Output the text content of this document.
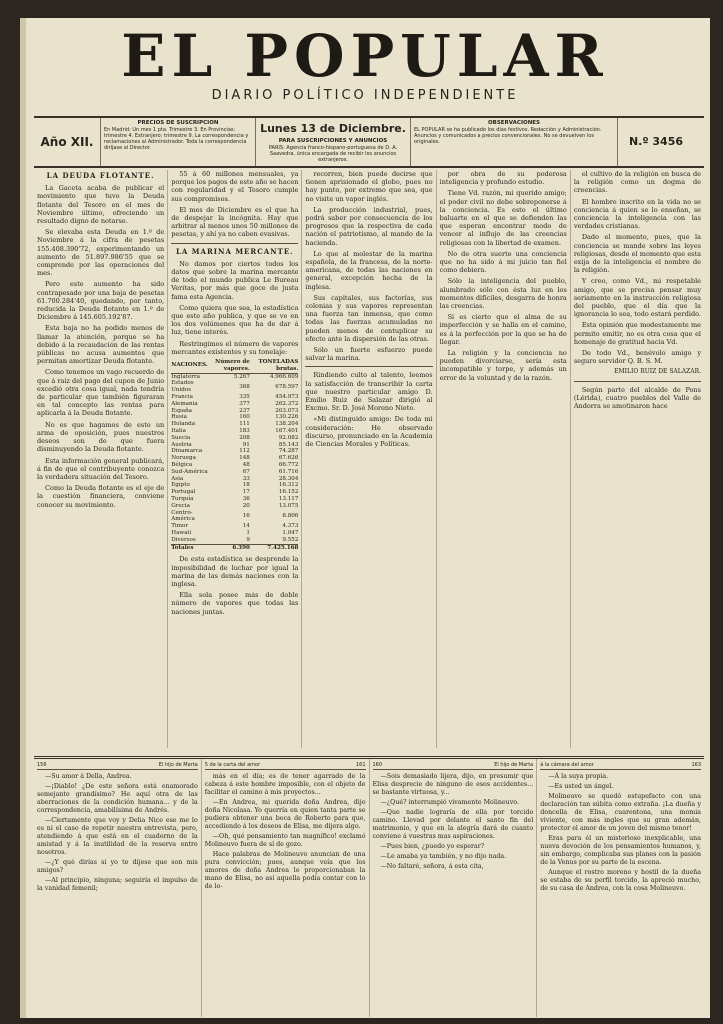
EL POPULAR
DIARIO POLÍTICO INDEPENDIENTE
Año XII.
PRECIOS DE SUSCRIPCION
En Madrid: Un mes 1 pta. Trimestre 3. En Provincias: trimestre 4. Extranjero: trimestre 9. La correspondencia y reclamaciones al Administrador. Toda la correspondencia diríjase al Director.
Lunes 13 de Diciembre.
PARA SUSCRIPCIONES Y ANUNCIOS
PARIS: Agencia franco-hispano-portuguesa de D. A. Saavedra, única encargada de recibir los anuncios extranjeros.
OBSERVACIONES
EL POPULAR se ha publicado los días festivos. Redacción y Administración. Anuncios y comunicados a precios convencionales. No se devuelven los originales.	N.º 3456
LA DEUDA FLOTANTE.

La Gaceta acaba de publicar el movimiento que tuvo la Deuda flotante del Tesoro en el mes de Noviembre último, ofreciendo un resultado digno de notarse.

Se elevaba esta Deuda en 1.º de Noviembre á la cifra de pesetas 155.408.390'72, experimentando un aumento de 51.897.986'55 que se comprende por las operaciones del mes.

Pero este aumento ha sido contrapesado por una baja de pesetas 61.700.284'40, quedando, por tanto, reducida la Deuda flotante en 1.º de Diciembre á 145.605.192'87.

Esta baja no ha podido menos de llamar la atención, porque se ha debido á la recaudación de las rentas públicas no acusa aumentos que permitan amortizar Deuda flotante.

Como tenemos un vago recuerdo de que á raíz del pago del cupon de Junio excedió otra cosa igual, nada tendría de particular que también figuraran en tal concepto las rentas para aplicarla á la Deuda flotante.

No es que hagamos de esto un arma de oposición, pues nuestros deseos son de que fuera disminuyendo la Deuda flotante.

Esta información general publicará, á fin de que el contribuyente conozca la verdadera situación del Tesoro.

Como la Deuda flotante es el eje de la cuestión financiera, conviene conocer su movimiento.

55 á 60 millones mensuales, ya porque los pagos de este año se hacen con regularidad y el Tesoro cumple sus compromisos.

El mes de Diciembre es el que ha de despejar la incógnita. Hay que arbitrar al menos unos 50 millones de pesetas, y ahí ya no caben evasivas.

LA MARINA MERCANTE.

No damos por ciertos todos los datos que sobre la marina mercante de todo el mundo publica Le Bureau Veritas, por más que goce de justa fama esta Agencia.

Como quiera que sea, la estadística que este año publica, y que se ve en los dos volúmenes que ha de dar á luz, tiene interés.

Restringimos el número de vapores mercantes existentes y su tonelaje:

NACIONES.	Número de vapores.	TONELADAS brutas.
Inglaterra	5.267	4.966.609
Estados Unidos	368	678.597
Francia	335	454.973
Alemania	377	262.372
España	237	203.073
Rusia	160	130.226
Holanda	111	138.204
Italia	183	167.401
Suecia	208	92.082
Austria	91	85.143
Dinamarca	112	74.287
Noruega	148	67.626
Bélgica	48	66.772
Sud-América	67	61.716
Asia	33	28.304
Egipto	18	16.312
Portugal	17	16.152
Turquía	36	13.117
Grecia	20	13.075
Centro-América	16	8.806
Timor	14	4.373
Hawaii	1	1.047
Diversos	9	9.552
Totales	6.390	7.425.168

De esta estadística se desprende la imposibilidad de luchar por igual la marina de las demás naciones con la inglesa.

Ella sola posee más de doble número de vapores que todas las naciones juntas.

recorren, bien puede decirse que tienen aprisionado el globo, pues no hay punto, por extremo que sea, que no visite un vapor inglés.

La producción industrial, pues, podrá saber por consecuencia de los progresos que la respectiva de cada nación el patriotismo, al mando de la hacienda.

Lo que al molestar de la marina española, de la francesa, de la norte-americana, de todas las naciones en general, excepción hecha de la inglesa.

Sus capitales, sus factorías, sus colonias y sus vapores representan una fuerza tan inmensa, que como todas las fuerzas acumuladas no pueden menos de centuplicar su efecto ante la dispersión de las otras.

Sólo un fuerte esfuerzo puede salvar la marina.

Rindiendo culto al talento, leemos la satisfacción de transcribir la carta que nuestro particular amigo D. Emilio Ruiz de Salazar dirigió al Excmo. Sr. D. José Moreno Nieto.

«Mi distinguido amigo: De toda mi consideración: He observado discurso, pronunciado en la Academia de Ciencias Morales y Políticas.

por obra de su poderosa inteligencia y profundo estudio.

Tiene Vd. razón, mi querido amigo; el poder civil no debe sobreponerse á la conciencia. Es esto el último baluarte en el que se defienden las que esperan encontrar modo de vencer al influjo de las creencias religiosas con la libertad de examen.

No de otra suerte una conciencia que no ha sido á mi juicio tan fiel como debiera.

Sólo la inteligencia del pueblo, alumbrado sólo con ésta luz en los momentos difíciles, desgarra de honra las creencias.

Si es cierto que el alma de su imperfección y se halla en el camino, es á la perfección por la que se ha de llegar.

La religión y la conciencia no pueden divorciarse, sería esta incompatible y torpe, y además un error de la voluntad y de la razón.

el cultivo de la religión en busca de la religión como un dogma de creencias.

El hombre inscrito en la vida no se conciencia á quien se lo enseñan, se conciencia la inteligencia con las verdades cristianas.

Dado el momento, pues, que la conciencia se mande sobre las leyes religiosas, desde el momento que esta exija de la inteligencia el nombre de la religión.

Y creo, como Vd., mi respetable amigo, que se precisa pensar muy seriamente en la instrucción religiosa del pueblo, que el día que la ignorancia lo sea, todo estará perdido.

Esta opinión que modestamente me permito emitir, no es otra cosa que el homenaje de gratitud hacia Vd.

De todo Vd., benévolo amigo y seguro servidor Q. B. S. M.

EMILIO RUIZ DE SALAZAR.

Según parte del alcalde de Pons (Lérida), cuatro pueblos del Valle de Andorra se amotinaron hace

156	El hijo de Marta

—Su amor á Della, Andrea.

—¡Diablo! ¿De este señora está enamorado semejante grandísimo? He aquí otra de las aberraciones de la condición humana... y de la correspondencia, amabilísima de Andrés.

—Ciertamente que voy y Delia Nice ese me lo es ni el caso de repetir nuestra entrevista, pero, atendiendo á que está en el cuaderno de la amistad y á la inutilidad de la reserva entre nosotros.

—¿Y qué dirías si yo te dijese que son mis amigos?

—Al principio, ninguna; seguiría el impulso de la vanidad femenil;

5 de la carta del amor	161

más en el día; es de tener agarrado de la cabeza á este hombre imposible, con el objeto de facilitar el camino á mis proyectos...

—En Andrea, mi querida doña Andrea, dijo doña Nicolasa. Yo querría en quien tanta parte se pudiera obtener una boca de Roberto para que, accediendo á los deseos de Elisa, me dijera algo.

—Oh, qué pensamiento tan magnífico! exclamó Molineuvo fuera de sí de gozo.

Hace palabras de Molineuvo anuncian de una pura convicción; pues, aunque veía que los amores de doña Andrea le proporcionaban la mano de Elisa, no así aquella podía contar con lo de lo-

160	El hijo de Marta

—Sois demasiado lijera, dijo, en presumir que Elisa desprecie de ninguno de esos accidentes... se bastante virtuosa, y...

—¿Qué? interrumpió vivamente Molineuvo.

—Que nadie lograría de ella por torcido camino. Llevad por delante el santo fin del matrimonio, y que en la alegría dará de cuanto conviene á vuestras mas aspiraciones.

—Pues bien, ¿puedo yo esperar?

—Le amaba ya también, y no dijo nada.

—No faltaré, señora, á esta cita,

á la cámara del amor	163

—Á la suya propia.

—Es usted un ángel.

Molineuvo se quedó estupefacto con una declaración tan súbita como extraña. ¡La dueña y doncella de Elisa, cuarentona, una momia viviente, con más ingles que su gran ademán, protector el amor de un joven del mismo tenor!

Eras para él un misterioso inexplicable, una nueva devoción de los pensamientos humanos, y, sin embargo, complicaba sus planes con la pasión de la Venus por su parte de la escena.

Aunque el rostro moreno y hostil de la dueña se estaba de su perfil torcido, la apreció mucho, de su casa de Andrea, con la cosa Molineuvo.
